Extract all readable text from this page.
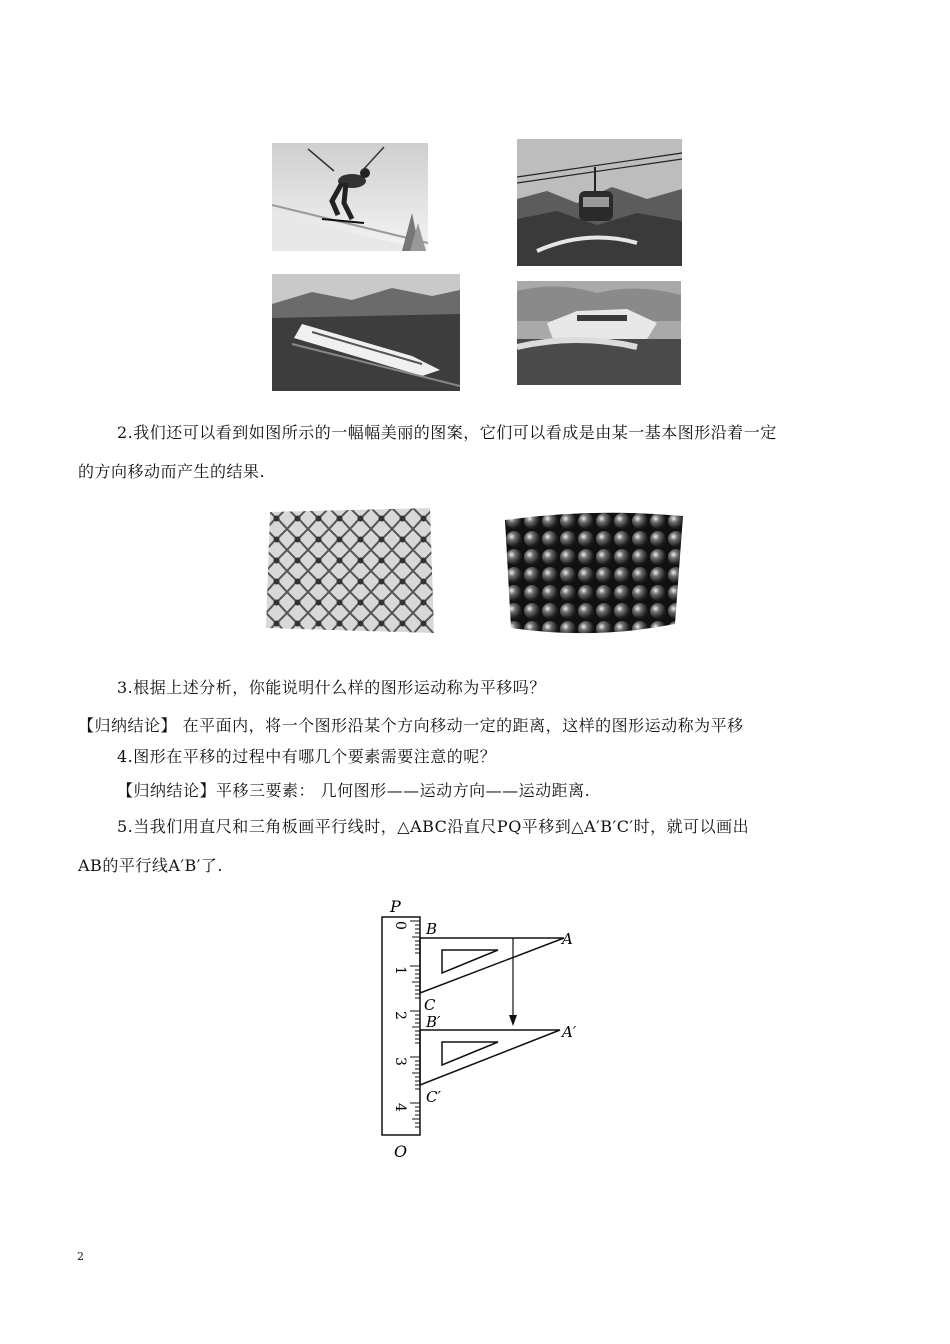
2.我们还可以看到如图所示的一幅幅美丽的图案，它们可以看成是由某一基本图形沿着一定
的方向移动而产生的结果.
3.根据上述分析，你能说明什么样的图形运动称为平移吗？
【归纳结论】 在平面内，将一个图形沿某个方向移动一定的距离，这样的图形运动称为平移
4.图形在平移的过程中有哪几个要素需要注意的呢？
【归纳结论】平移三要素： 几何图形——运动方向——运动距离.
5.当我们用直尺和三角板画平行线时，△ABC沿直尺PQ平移到△A′B′C′时，就可以画出
AB的平行线A′B′了.
0
1
2
3
4
P
B
A
C
B′
A′
C′
O
2
